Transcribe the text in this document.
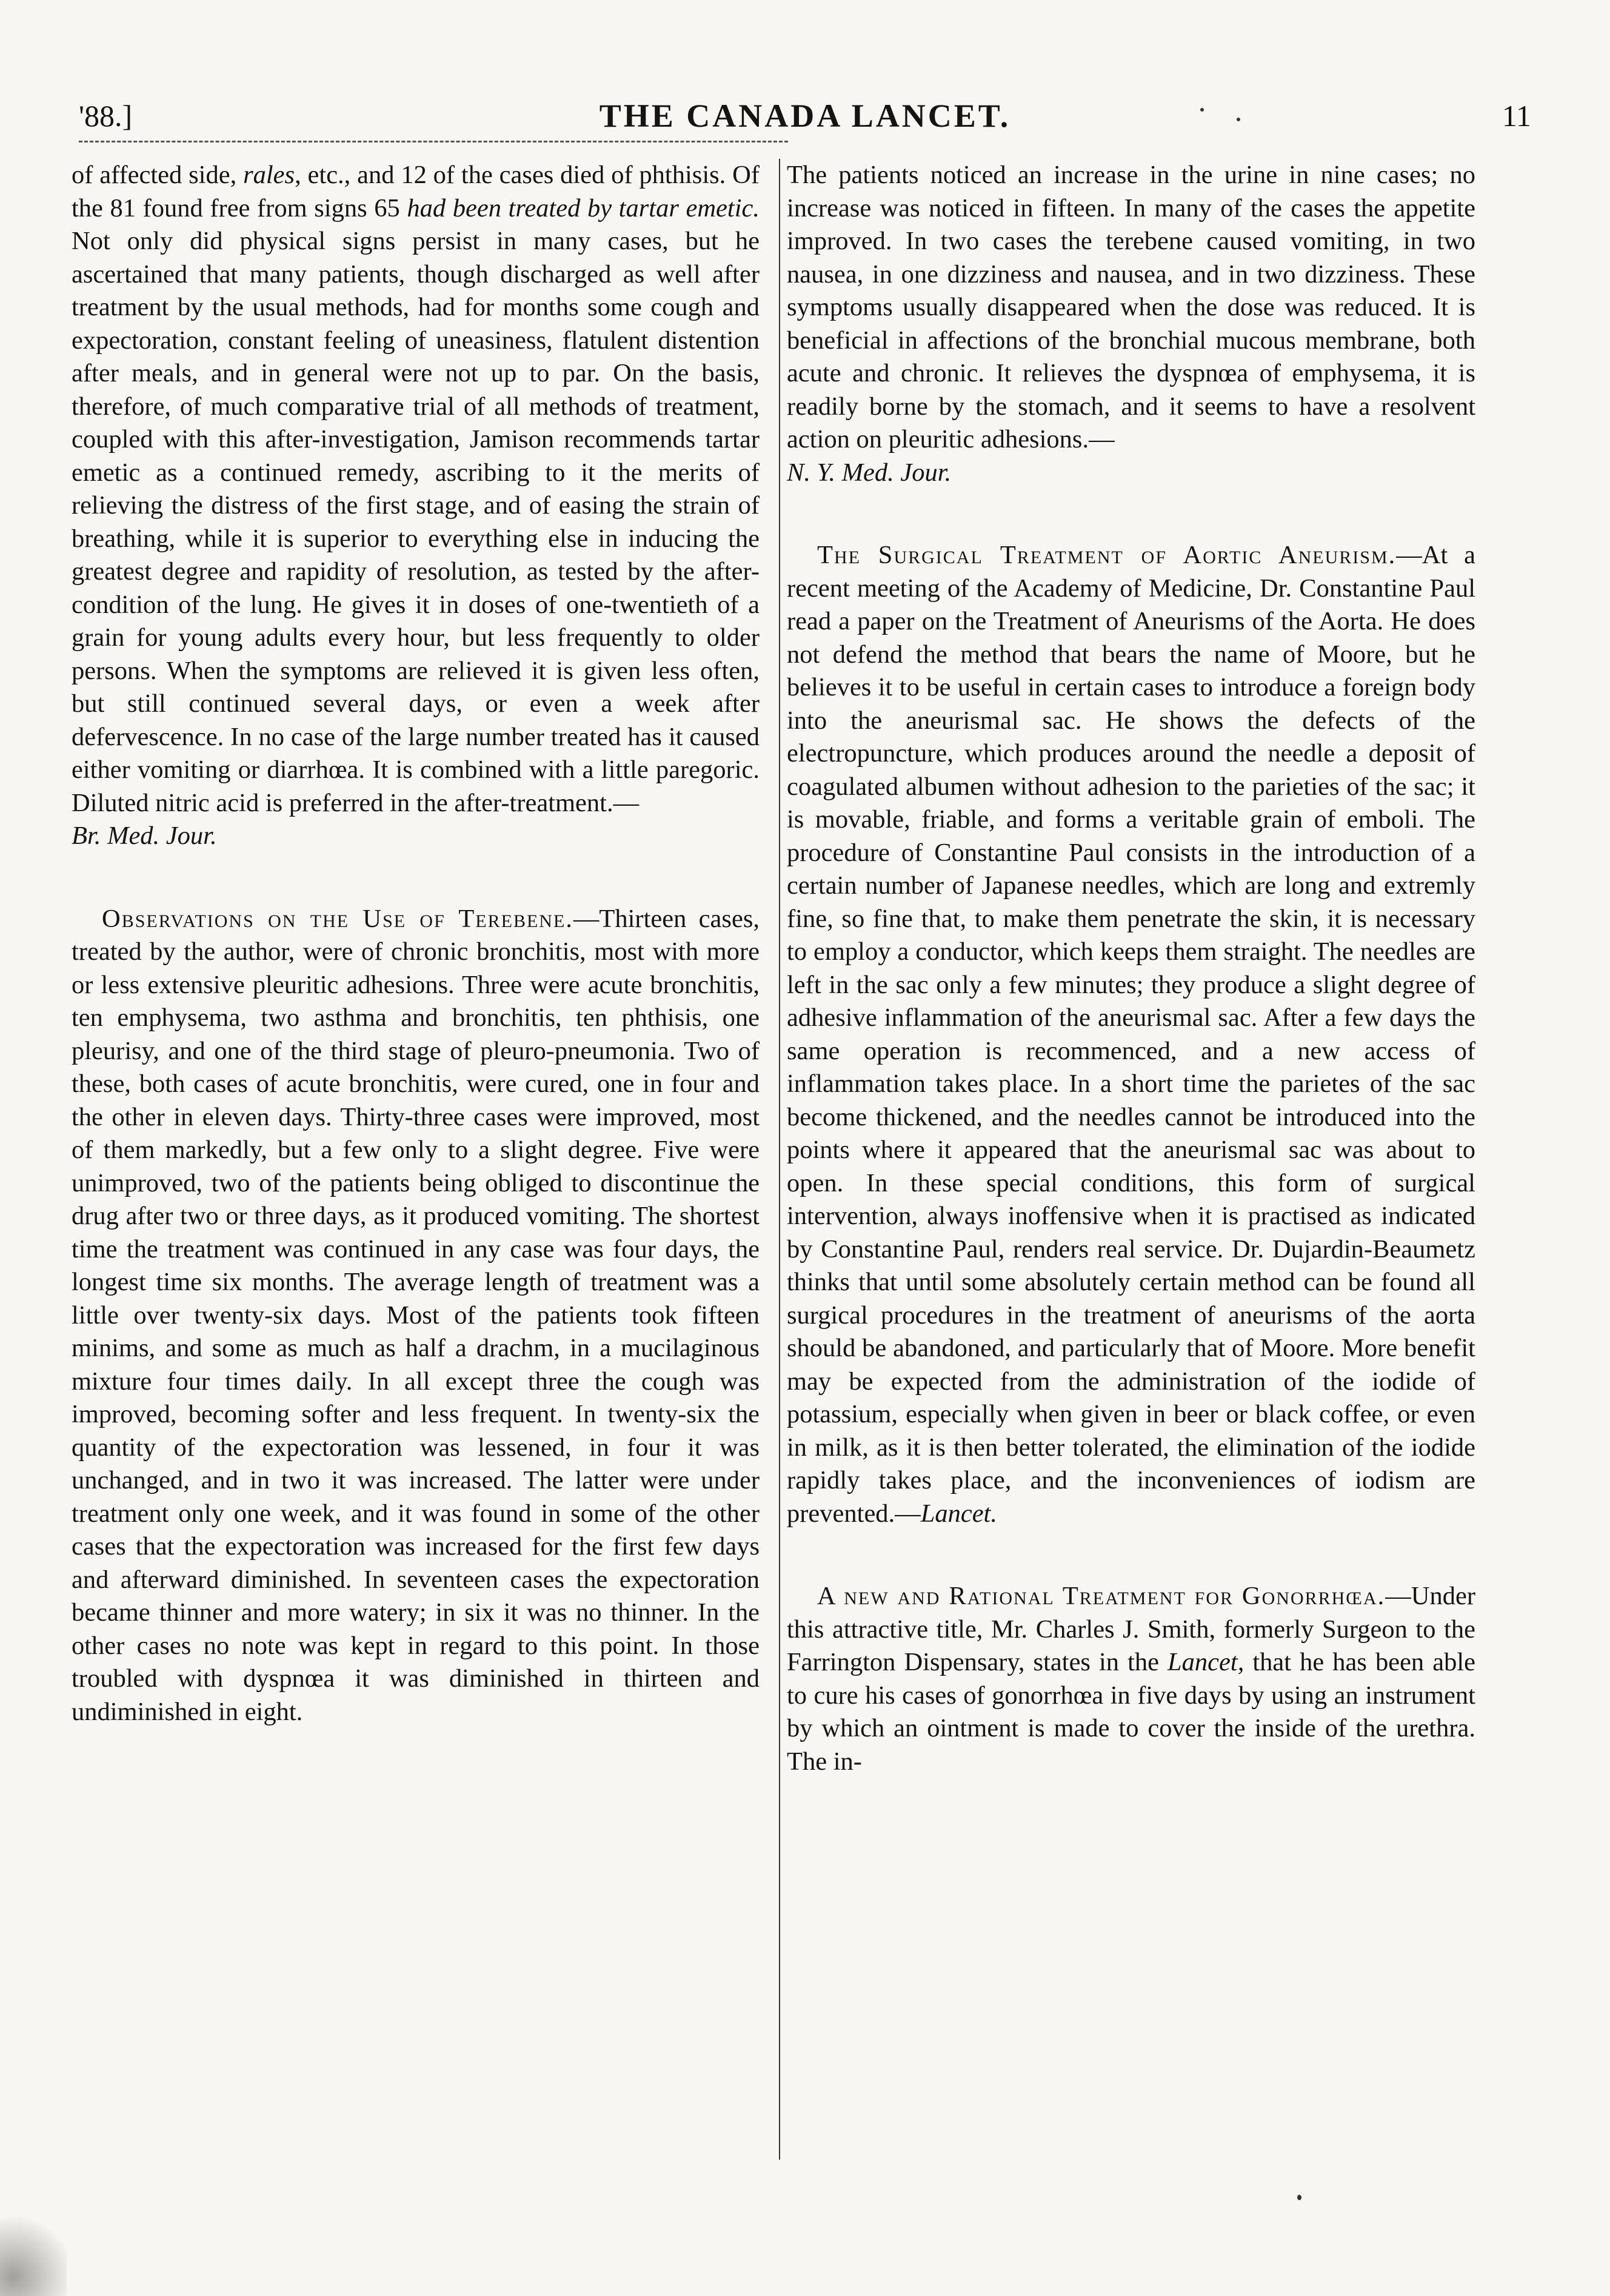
'88.]	THE CANADA LANCET.	11

of affected side, rales, etc., and 12 of the cases died of phthisis. Of the 81 found free from signs 65 had been treated by tartar emetic. Not only did physical signs persist in many cases, but he ascertained that many patients, though discharged as well after treatment by the usual methods, had for months some cough and expectoration, constant feeling of uneasiness, flatulent distention after meals, and in general were not up to par. On the basis, therefore, of much comparative trial of all methods of treatment, coupled with this after-investigation, Jamison recommends tartar emetic as a continued remedy, ascribing to it the merits of relieving the distress of the first stage, and of easing the strain of breathing, while it is superior to everything else in inducing the greatest degree and rapidity of resolution, as tested by the after-condition of the lung. He gives it in doses of one-twentieth of a grain for young adults every hour, but less frequently to older persons. When the symptoms are relieved it is given less often, but still continued several days, or even a week after defervescence. In no case of the large number treated has it caused either vomiting or diarrhœa. It is combined with a little paregoric. Diluted nitric acid is preferred in the after-treatment.—
Br. Med. Jour.

Observations on the Use of Terebene.—Thirteen cases, treated by the author, were of chronic bronchitis, most with more or less extensive pleuritic adhesions. Three were acute bronchitis, ten emphysema, two asthma and bronchitis, ten phthisis, one pleurisy, and one of the third stage of pleuro-pneumonia. Two of these, both cases of acute bronchitis, were cured, one in four and the other in eleven days. Thirty-three cases were improved, most of them markedly, but a few only to a slight degree. Five were unimproved, two of the patients being obliged to discontinue the drug after two or three days, as it produced vomiting. The shortest time the treatment was continued in any case was four days, the longest time six months. The average length of treatment was a little over twenty-six days. Most of the patients took fifteen minims, and some as much as half a drachm, in a mucilaginous mixture four times daily. In all except three the cough was improved, becoming softer and less frequent. In twenty-six the quantity of the expectoration was lessened, in four it was unchanged, and in two it was increased. The latter were under treatment only one week, and it was found in some of the other cases that the expectoration was increased for the first few days and afterward diminished. In seventeen cases the expectoration became thinner and more watery; in six it was no thinner. In the other cases no note was kept in regard to this point. In those troubled with dyspnœa it was diminished in thirteen and undiminished in eight.

The patients noticed an increase in the urine in nine cases; no increase was noticed in fifteen. In many of the cases the appetite improved. In two cases the terebene caused vomiting, in two nausea, in one dizziness and nausea, and in two dizziness. These symptoms usually disappeared when the dose was reduced. It is beneficial in affections of the bronchial mucous membrane, both acute and chronic. It relieves the dyspnœa of emphysema, it is readily borne by the stomach, and it seems to have a resolvent action on pleuritic adhesions.—
N. Y. Med. Jour.

The Surgical Treatment of Aortic Aneurism.—At a recent meeting of the Academy of Medicine, Dr. Constantine Paul read a paper on the Treatment of Aneurisms of the Aorta. He does not defend the method that bears the name of Moore, but he believes it to be useful in certain cases to introduce a foreign body into the aneurismal sac. He shows the defects of the electropuncture, which produces around the needle a deposit of coagulated albumen without adhesion to the parieties of the sac; it is movable, friable, and forms a veritable grain of emboli. The procedure of Constantine Paul consists in the introduction of a certain number of Japanese needles, which are long and extremly fine, so fine that, to make them penetrate the skin, it is necessary to employ a conductor, which keeps them straight. The needles are left in the sac only a few minutes; they produce a slight degree of adhesive inflammation of the aneurismal sac. After a few days the same operation is recommenced, and a new access of inflammation takes place. In a short time the parietes of the sac become thickened, and the needles cannot be introduced into the points where it appeared that the aneurismal sac was about to open. In these special conditions, this form of surgical intervention, always inoffensive when it is practised as indicated by Constantine Paul, renders real service. Dr. Dujardin-Beaumetz thinks that until some absolutely certain method can be found all surgical procedures in the treatment of aneurisms of the aorta should be abandoned, and particularly that of Moore. More benefit may be expected from the administration of the iodide of potassium, especially when given in beer or black coffee, or even in milk, as it is then better tolerated, the elimination of the iodide rapidly takes place, and the inconveniences of iodism are prevented.—Lancet.

A new and Rational Treatment for Gonorrhœa.—Under this attractive title, Mr. Charles J. Smith, formerly Surgeon to the Farrington Dispensary, states in the Lancet, that he has been able to cure his cases of gonorrhœa in five days by using an instrument by which an ointment is made to cover the inside of the urethra. The in-
